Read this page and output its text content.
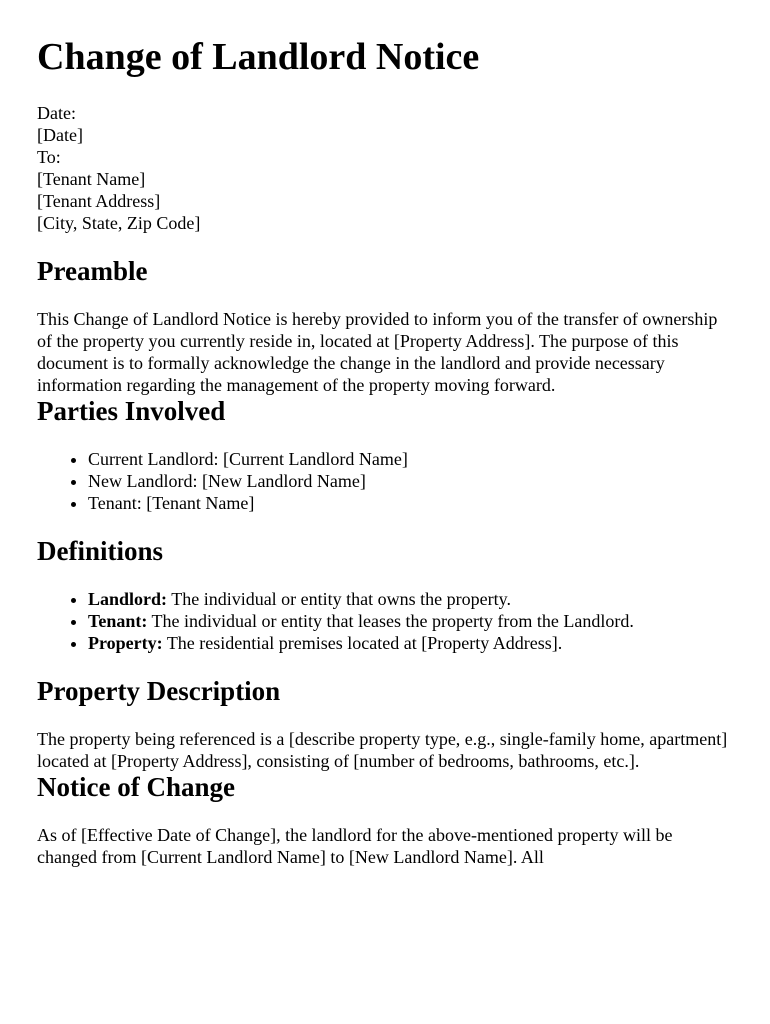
Change of Landlord Notice
Date:
[Date]
To:
[Tenant Name]
[Tenant Address]
[City, State, Zip Code]
Preamble

This Change of Landlord Notice is hereby provided to inform you of the transfer of ownership of the property you currently reside in, located at [Property Address]. The purpose of this document is to formally acknowledge the change in the landlord and provide necessary information regarding the management of the property moving forward.

Parties Involved
• Current Landlord: [Current Landlord Name]
• New Landlord: [New Landlord Name]
• Tenant: [Tenant Name]
Definitions
• Landlord: The individual or entity that owns the property.
• Tenant: The individual or entity that leases the property from the Landlord.
• Property: The residential premises located at [Property Address].
Property Description

The property being referenced is a [describe property type, e.g., single-family home, apartment] located at [Property Address], consisting of [number of bedrooms, bathrooms, etc.].

Notice of Change

As of [Effective Date of Change], the landlord for the above-mentioned property will be changed from [Current Landlord Name] to [New Landlord Name]. All
